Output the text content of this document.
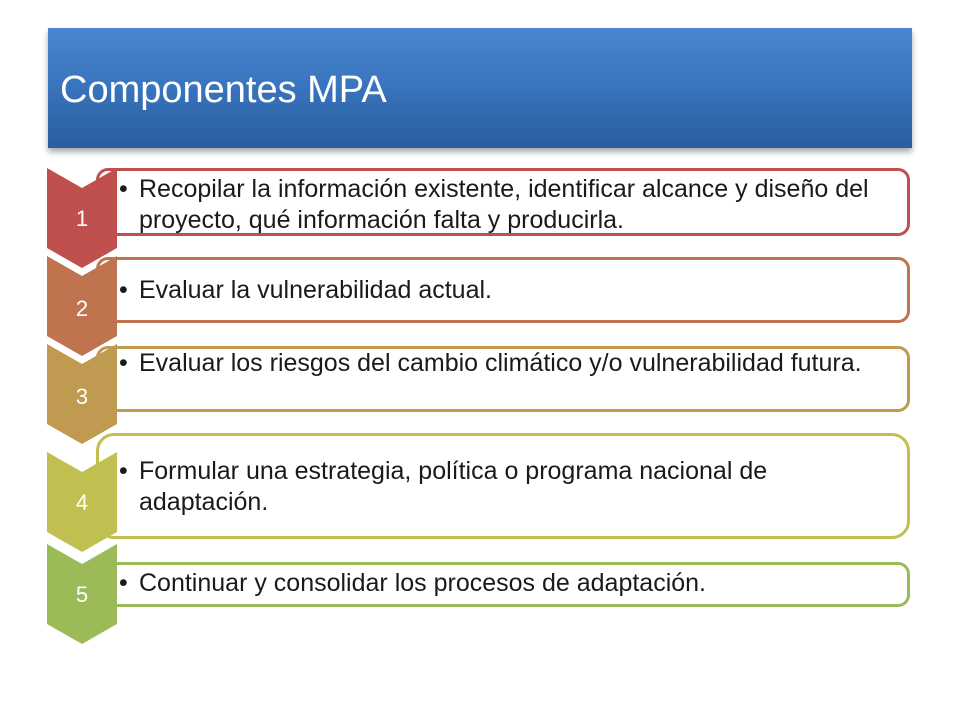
Componentes MPA
• Recopilar la información existente, identificar alcance y diseño del proyecto, qué información falta y producirla.
• Evaluar la vulnerabilidad actual.
• Evaluar los riesgos del cambio climático y/o vulnerabilidad futura.
• Formular una estrategia, política o programa nacional de adaptación.
• Continuar y consolidar los procesos de adaptación.
1
2
3
4
5
